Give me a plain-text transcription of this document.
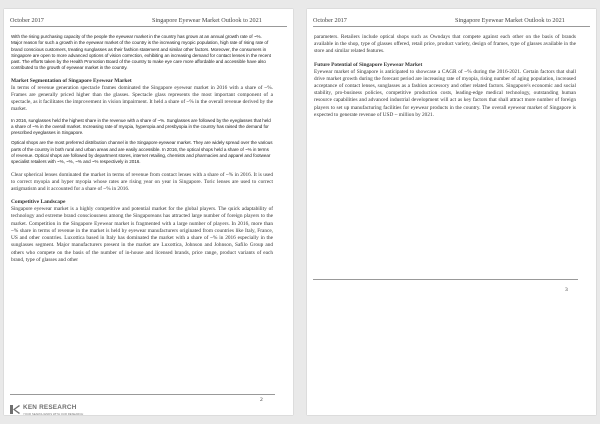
October 2017	Singapore Eyewear Market Outlook to 2021

With the rising purchasing capacity of the people the eyewear market in the country has grown at an annual growth rate of ~%. Major reason for such a growth in the eyewear market of the country is the increasing myopic population, high rate of rising rate of brand conscious customers, treating sunglasses as their fashion statement and similar other factors. Moreover, the consumers in Singapore are open to more advanced options of vision correction, exhibiting an increasing demand for contact lenses in the recent past. The efforts taken by the Health Promotion Board of the country to make eye care more affordable and accessible have also contributed to the growth of eyewear market in the country.

Market Segmentation of Singapore Eyewear Market

In terms of revenue generation spectacle frames dominated the Singapore eyewear market in 2016 with a share of ~%. Frames are generally priced higher than the glasses. Spectacle glass represents the most important component of a spectacle, as it facilitates the improvement in vision impairment. It held a share of ~% in the overall revenue derived by the market.

In 2016, sunglasses held the highest share in the revenue with a share of ~%. Sunglasses are followed by the eyeglasses that held a share of ~% in the overall market. Increasing rate of myopia, hyperopia and presbyopia in the country has raised the demand for prescribed eyeglasses in Singapore.

Optical shops are the most preferred distribution channel in the Singapore eyewear market. They are widely spread over the various parts of the country in both rural and urban areas and are easily accessible. In 2016, the optical shops held a share of ~% in terms of revenue. Optical shops are followed by department stores, internet retailing, chemists and pharmacies and apparel and footwear specialist retailers with ~%, ~%, ~% and ~% respectively in 2016.

Clear spherical lenses dominated the market in terms of revenue from contact lenses with a share of ~% in 2016. It is used to correct myopia and hyper myopia whose rates are rising year on year in Singapore. Toric lenses are used to correct astigmatism and it accounted for a share of ~% in 2016.

Competitive Landscape

Singapore eyewear market is a highly competitive and potential market for the global players. The quick adaptability of technology and extreme brand consciousness among the Singaporeans has attracted large number of foreign players to the market. Competition in the Singapore Eyewear market is fragmented with a large number of players. In 2016, more than ~% share in terms of revenue in the market is held by eyewear manufacturers originated from countries like Italy, France, US and other countries. Luxottica based in Italy has dominated the market with a share of ~% in 2016 especially in the sunglasses segment. Major manufacturers present in the market are Luxottica, Johnson and Johnson, Safilo Group and others who compete on the basis of the number of in-house and licensed brands, price range, product variants of each brand, type of glasses and other

2
KEN RESEARCH
YOUR SEARCH ENDS WITH OUR RESEARCH
October 2017	Singapore Eyewear Market Outlook to 2021

parameters. Retailers include optical shops such as Owndays that compete against each other on the basis of brands available in the shop, type of glasses offered, retail price, product variety, design of frames, type of glasses available in the store and similar related features.

Future Potential of Singapore Eyewear Market

Eyewear market of Singapore is anticipated to showcase a CAGR of ~% during the 2016-2021. Certain factors that shall drive market growth during the forecast period are increasing rate of myopia, rising number of aging population, increased acceptance of contact lenses, sunglasses as a fashion accessory and other related factors. Singapore's economic and social stability, pro-business policies, competitive production costs, leading-edge medical technology, outstanding human resource capabilities and advanced industrial development will act as key factors that shall attract more number of foreign players to set up manufacturing facilities for eyewear products in the country. The overall eyewear market of Singapore is expected to generate revenue of USD ~ million by 2021.

3
